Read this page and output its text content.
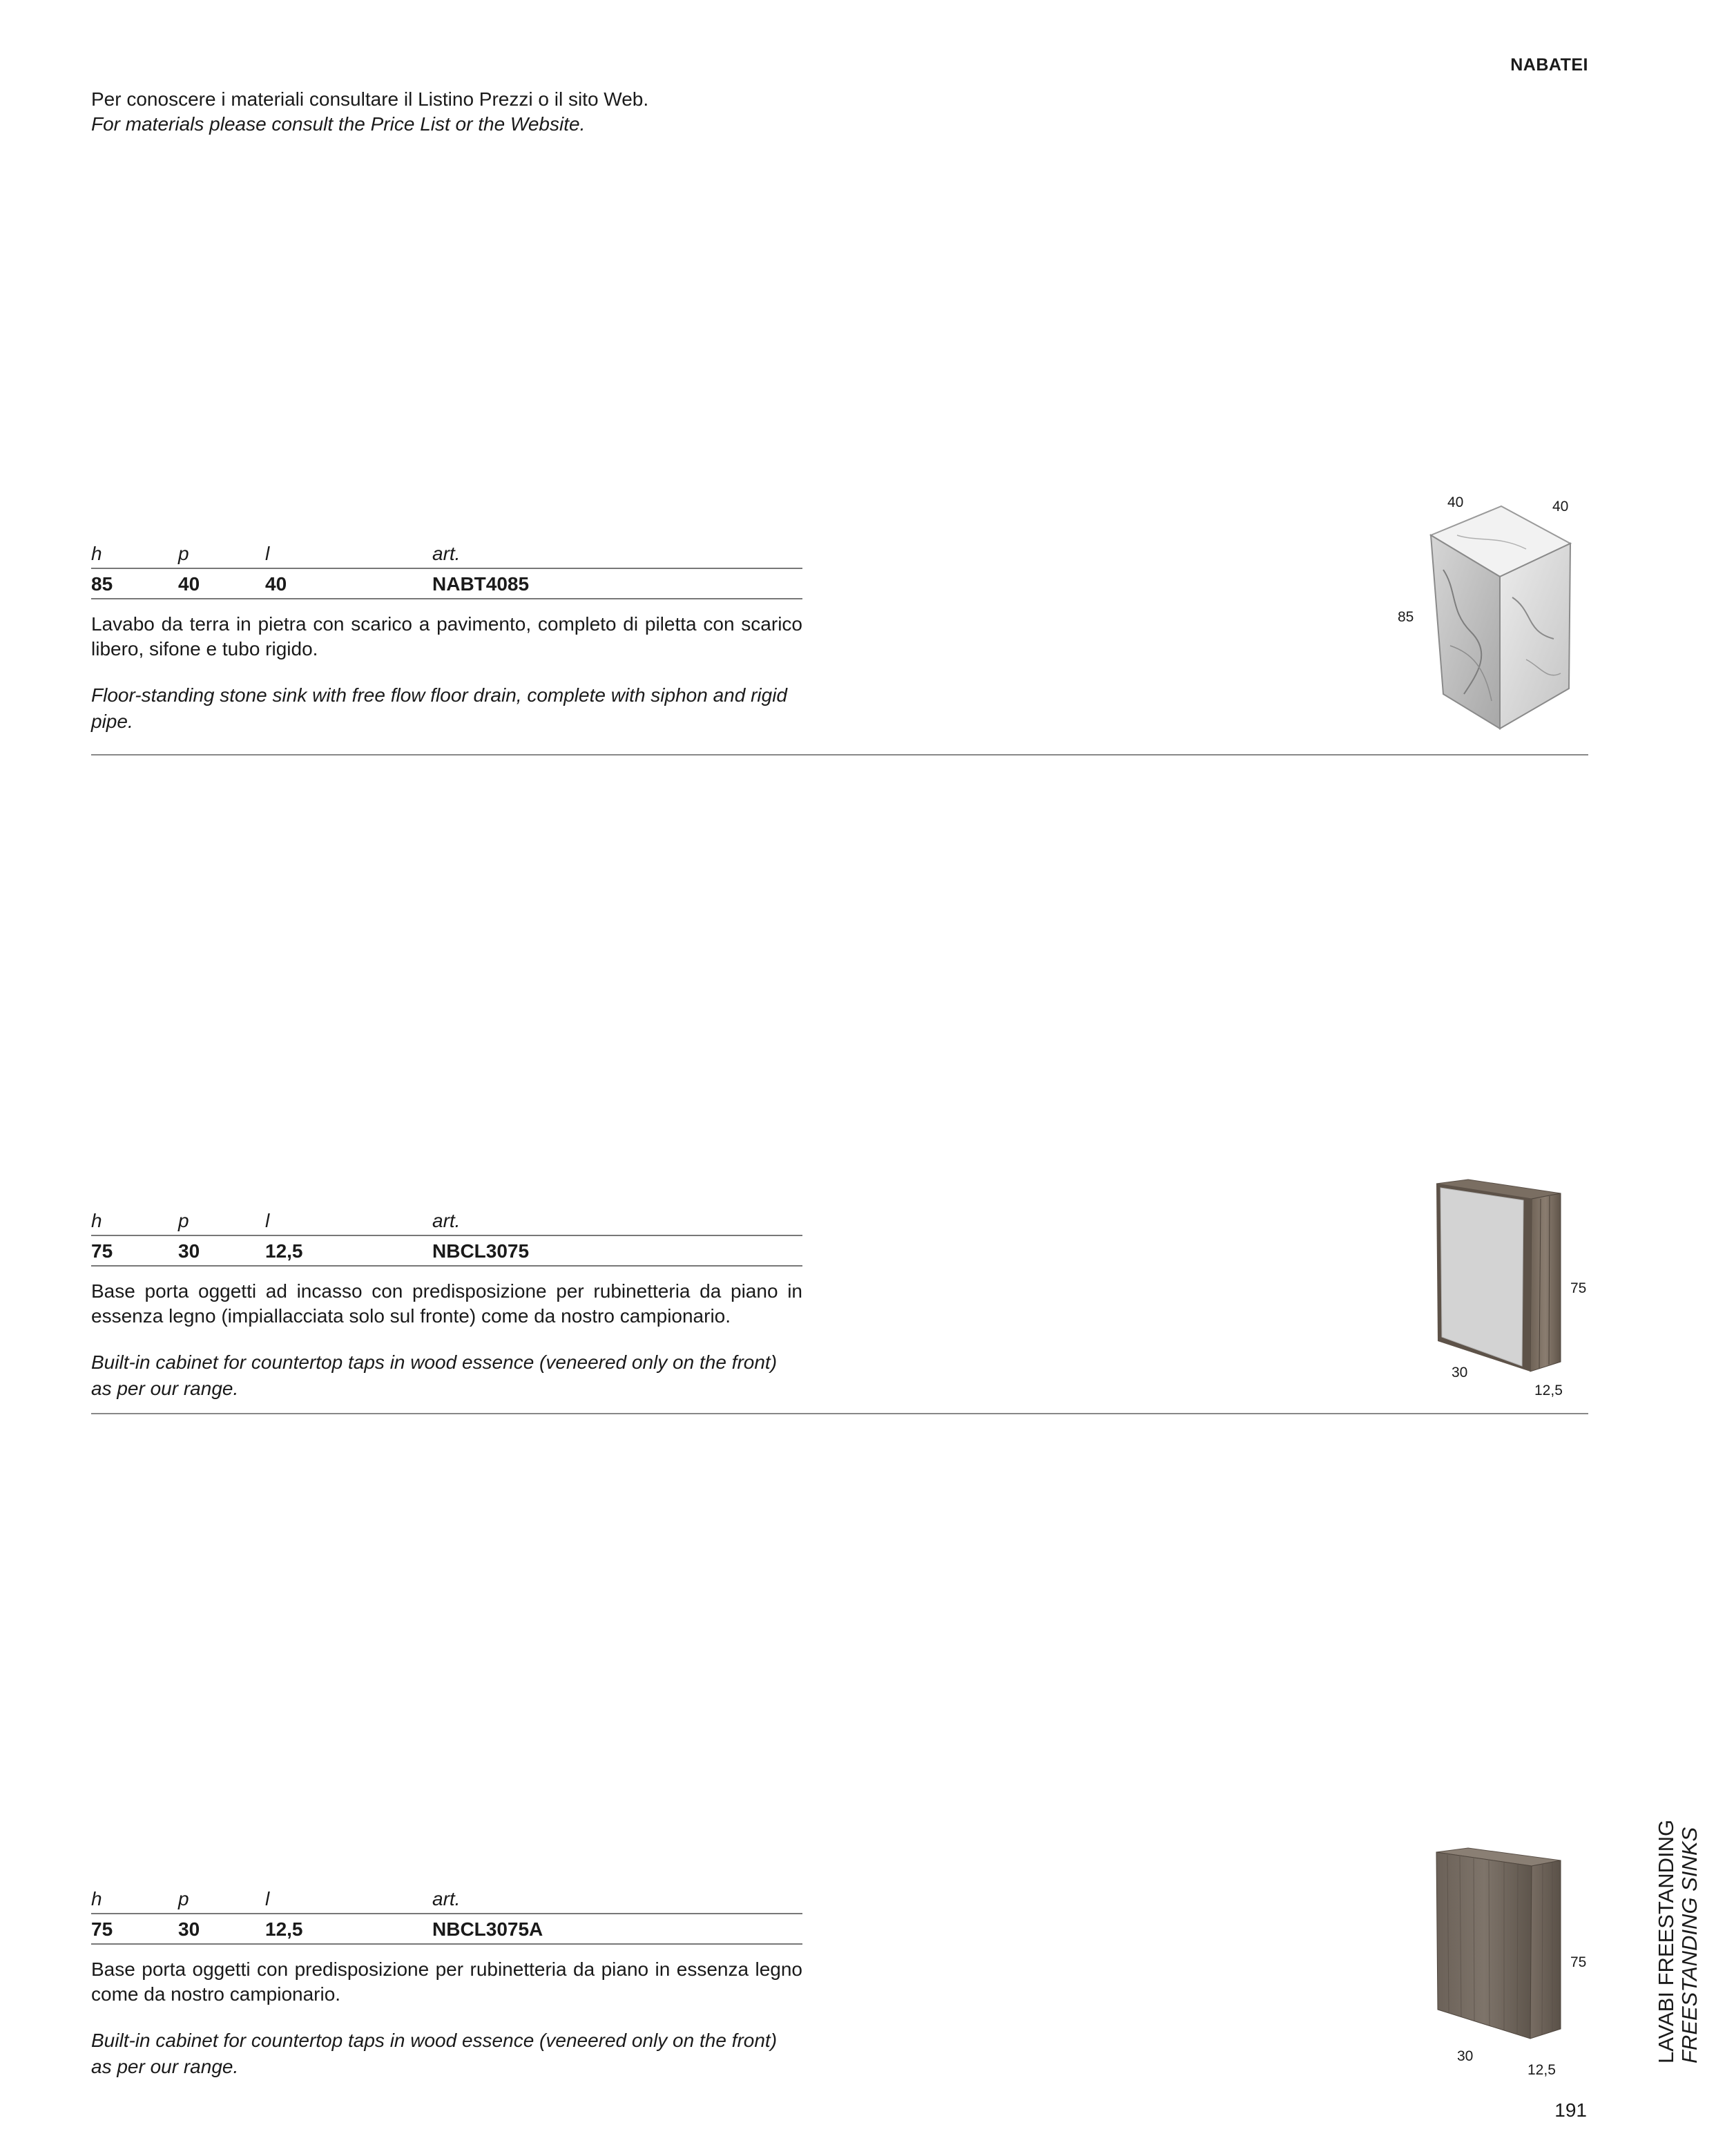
NABATEI
Per conoscere i materiali consultare il Listino Prezzi o il sito Web.
For materials please consult the Price List or the Website.
h	p	l	art.
85	40	40	NABT4085
Lavabo da terra in pietra con scarico a pavimento, completo di piletta con scarico libero, sifone e tubo rigido.
Floor-standing stone sink with free flow floor drain, complete with siphon and rigid pipe.
40	40
85
h	p	l	art.
75	30	12,5	NBCL3075
Base porta oggetti ad incasso con predisposizione per rubinetteria da piano in essenza legno (impiallacciata solo sul fronte) come da nostro campionario.
Built-in cabinet for countertop taps in wood essence (veneered only on the front) as per our range.
75
30
12,5
h	p	l	art.
75	30	12,5	NBCL3075A
Base porta oggetti con predisposizione per rubinetteria da piano in essenza legno come da nostro campionario.
Built-in cabinet for countertop taps in wood essence (veneered only on the front) as per our range.
75
30
12,5
LAVABI FREESTANDING FREESTANDING SINKS
191
